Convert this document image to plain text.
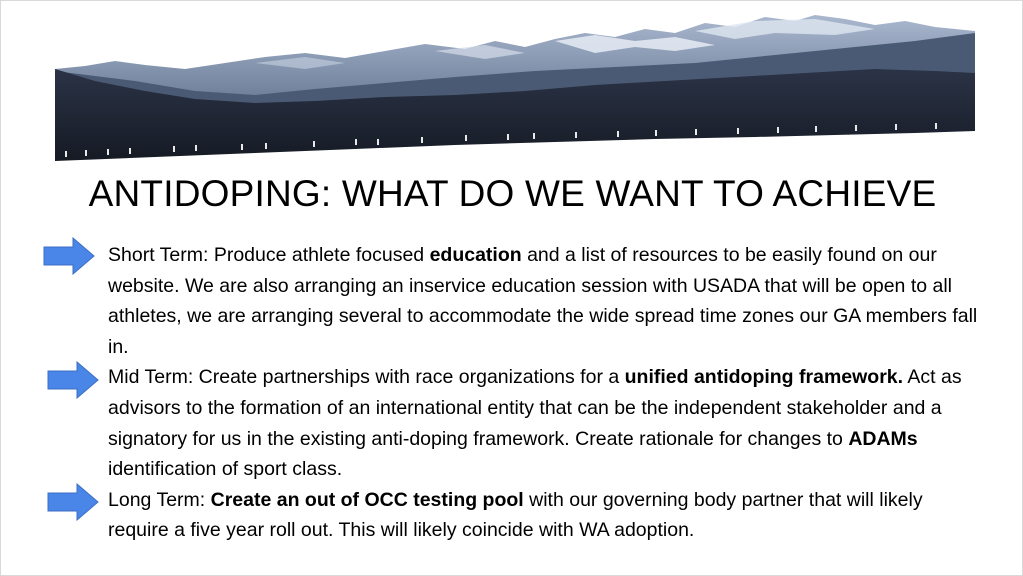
ANTIDOPING: WHAT DO WE WANT TO ACHIEVE

Short Term: Produce athlete focused education and a list of resources to be easily found on our website. We are also arranging an inservice education session with USADA that will be open to all athletes, we are arranging several to accommodate the wide spread time zones our GA members fall in.

Mid Term: Create partnerships with race organizations for a unified antidoping framework. Act as advisors to the formation of an international entity that can be the independent stakeholder and a signatory for us in the existing anti-doping framework. Create rationale for changes to ADAMs identification of sport class.

Long Term: Create an out of OCC testing pool with our governing body partner that will likely require a five year roll out. This will likely coincide with WA adoption.
